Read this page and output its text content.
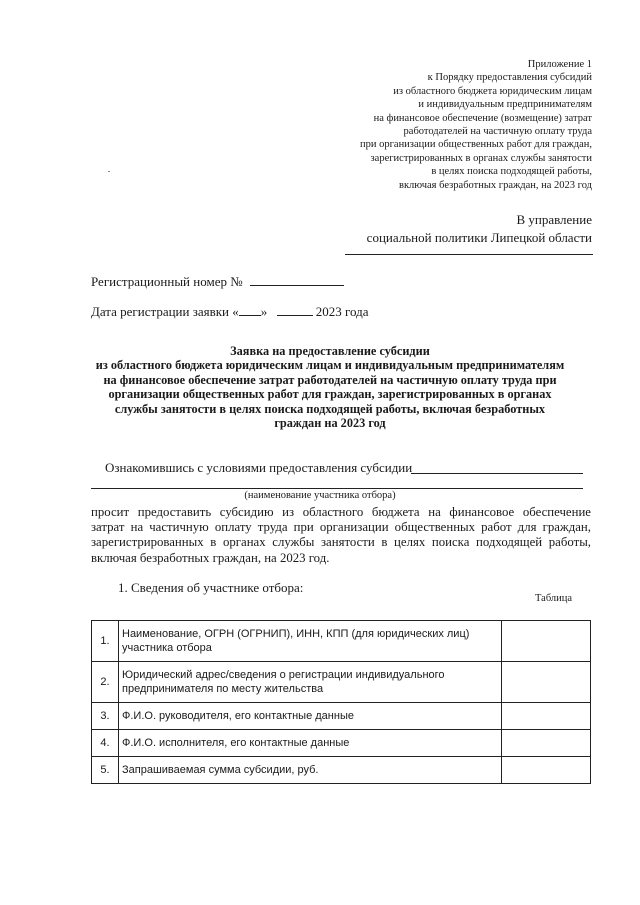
Приложение 1
к Порядку предоставления субсидий
из областного бюджета юридическим лицам
и индивидуальным предпринимателям
на финансовое обеспечение (возмещение) затрат
работодателей на частичную оплату труда
при организации общественных работ для граждан,
зарегистрированных в органах службы занятости
в целях поиска подходящей работы,
включая безработных граждан, на 2023 год
В управление
социальной политики Липецкой области
Регистрационный номер №
Дата регистрации заявки « »	2023 года
Заявка на предоставление субсидии
из областного бюджета юридическим лицам и индивидуальным предпринимателям
на финансовое обеспечение затрат работодателей на частичную оплату труда при
организации общественных работ для граждан, зарегистрированных в органах
службы занятости в целях поиска подходящей работы, включая безработных
граждан на 2023 год
Ознакомившись с условиями предоставления субсидии
(наименование участника отбора)
просит предоставить субсидию из областного бюджета на финансовое обеспечение
затрат на частичную оплату труда при организации общественных работ для граждан,
зарегистрированных в органах службы занятости в целях поиска подходящей работы,
включая безработных граждан, на 2023 год.
1. Сведения об участнике отбора:
Таблица
1.	Наименование, ОГРН (ОГРНИП), ИНН, КПП (для юридических лиц) участника отбора	
2.	Юридический адрес/сведения о регистрации индивидуального предпринимателя по месту жительства	
3.	Ф.И.О. руководителя, его контактные данные	
4.	Ф.И.О. исполнителя, его контактные данные	
5.	Запрашиваемая сумма субсидии, руб.	
